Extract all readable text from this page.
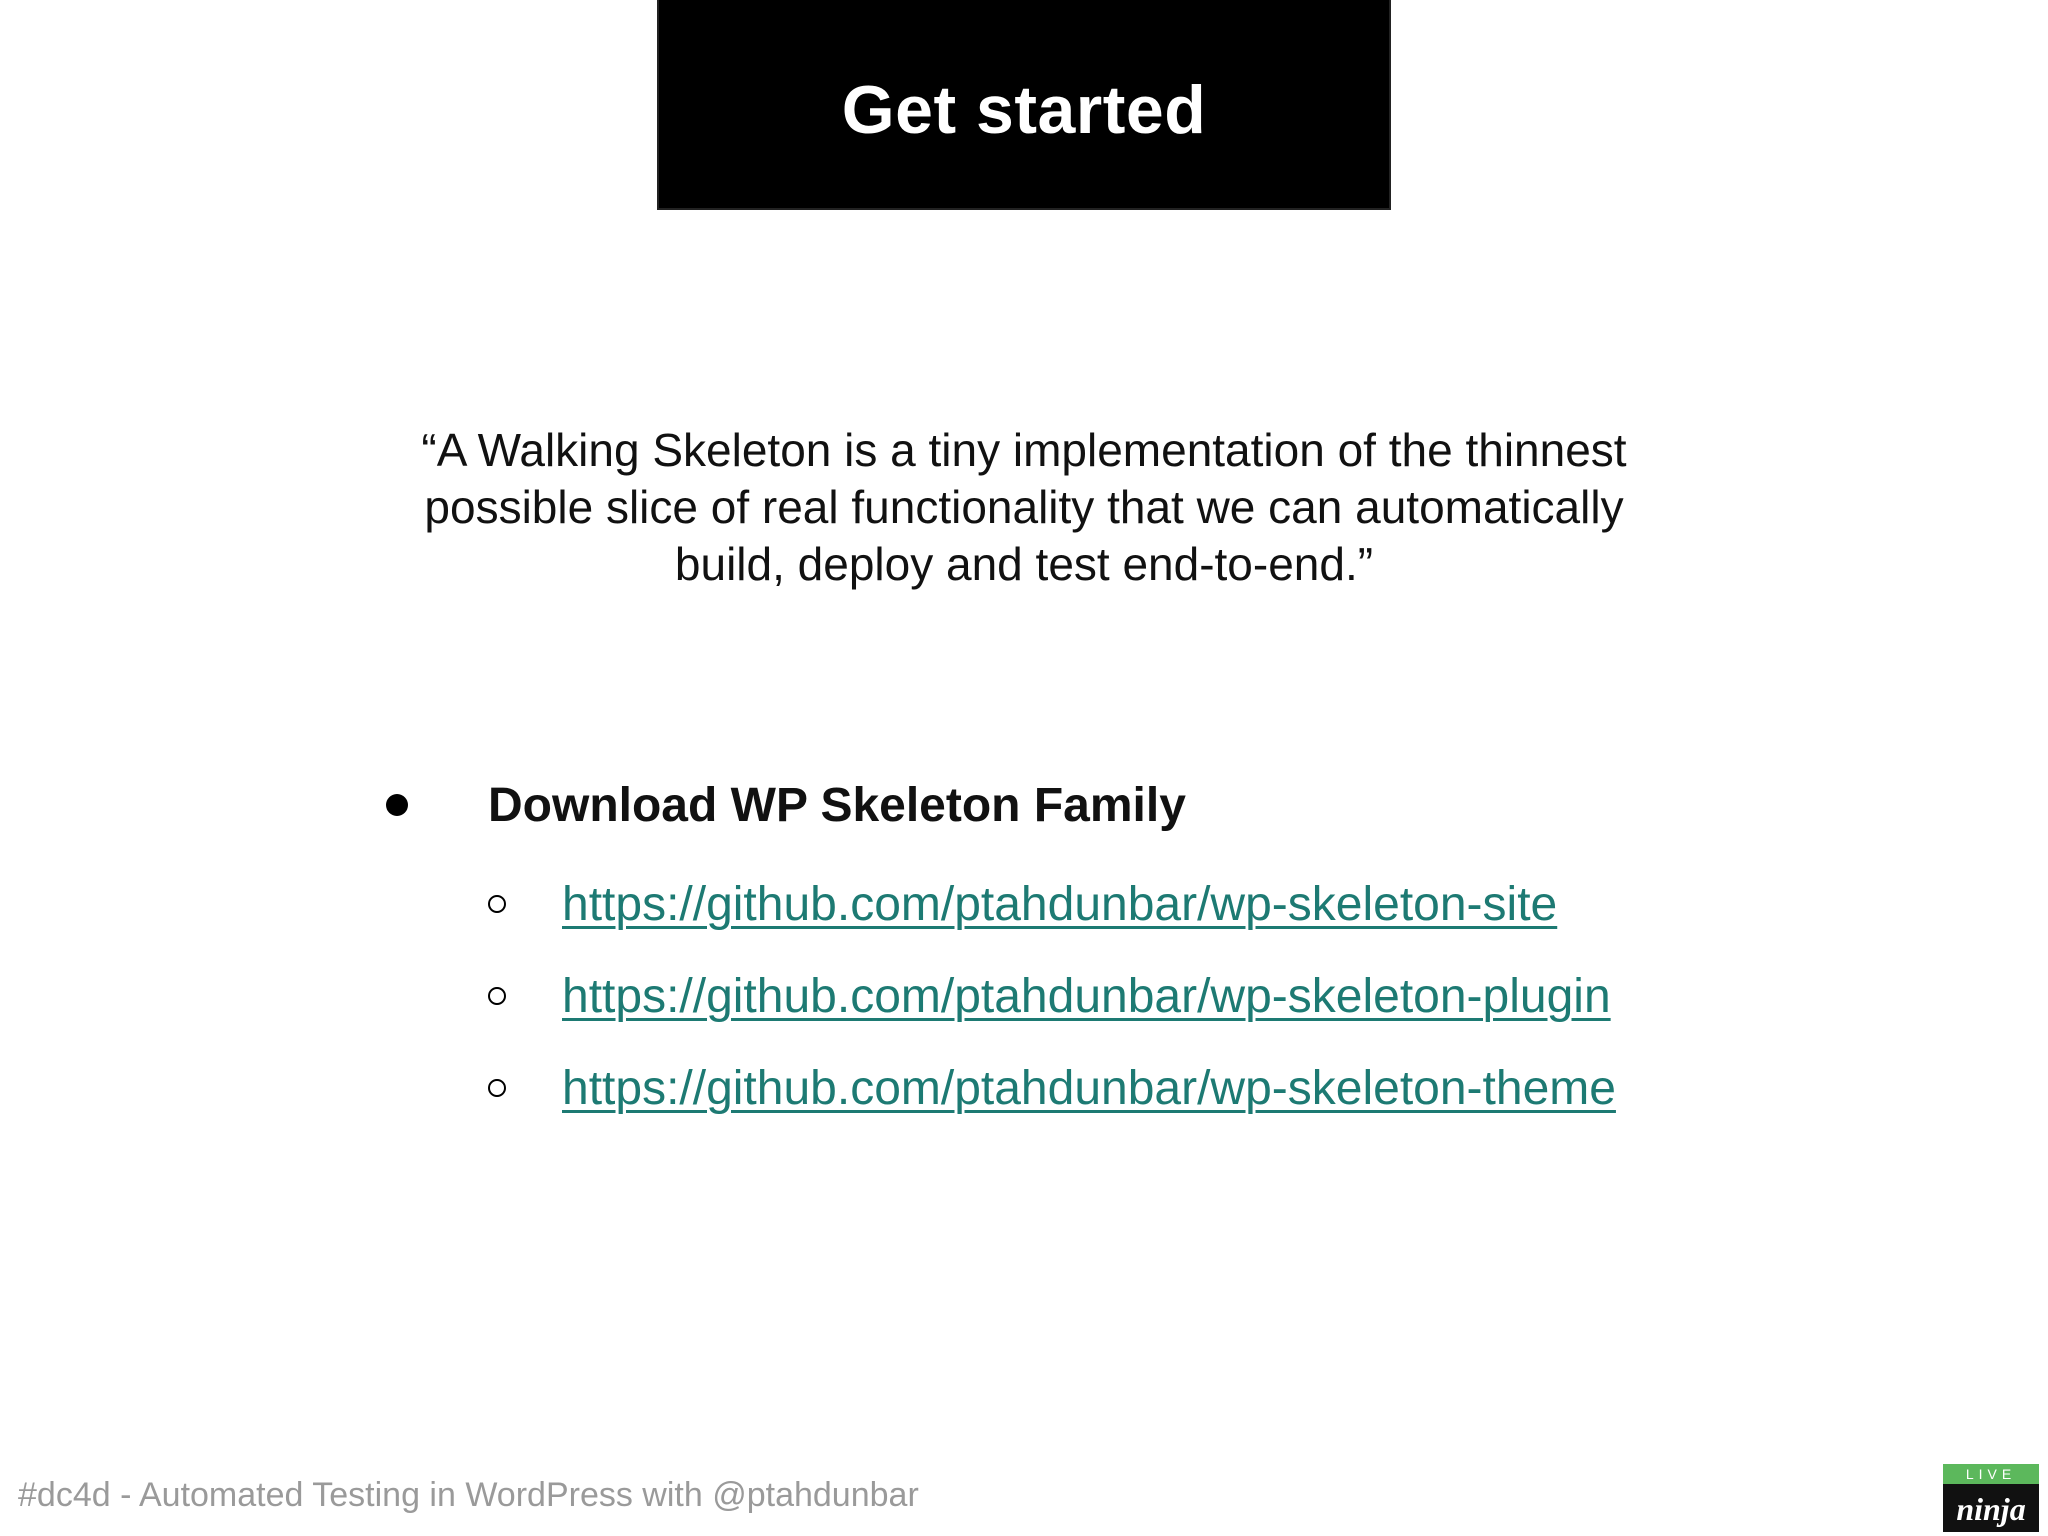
Get started
“A Walking Skeleton is a tiny implementation of the thinnest
possible slice of real functionality that we can automatically
build, deploy and test end-to-end.”
Download WP Skeleton Family
https://github.com/ptahdunbar/wp-skeleton-site
https://github.com/ptahdunbar/wp-skeleton-plugin
https://github.com/ptahdunbar/wp-skeleton-theme
#dc4d - Automated Testing in WordPress with @ptahdunbar
LIVE
ninja
